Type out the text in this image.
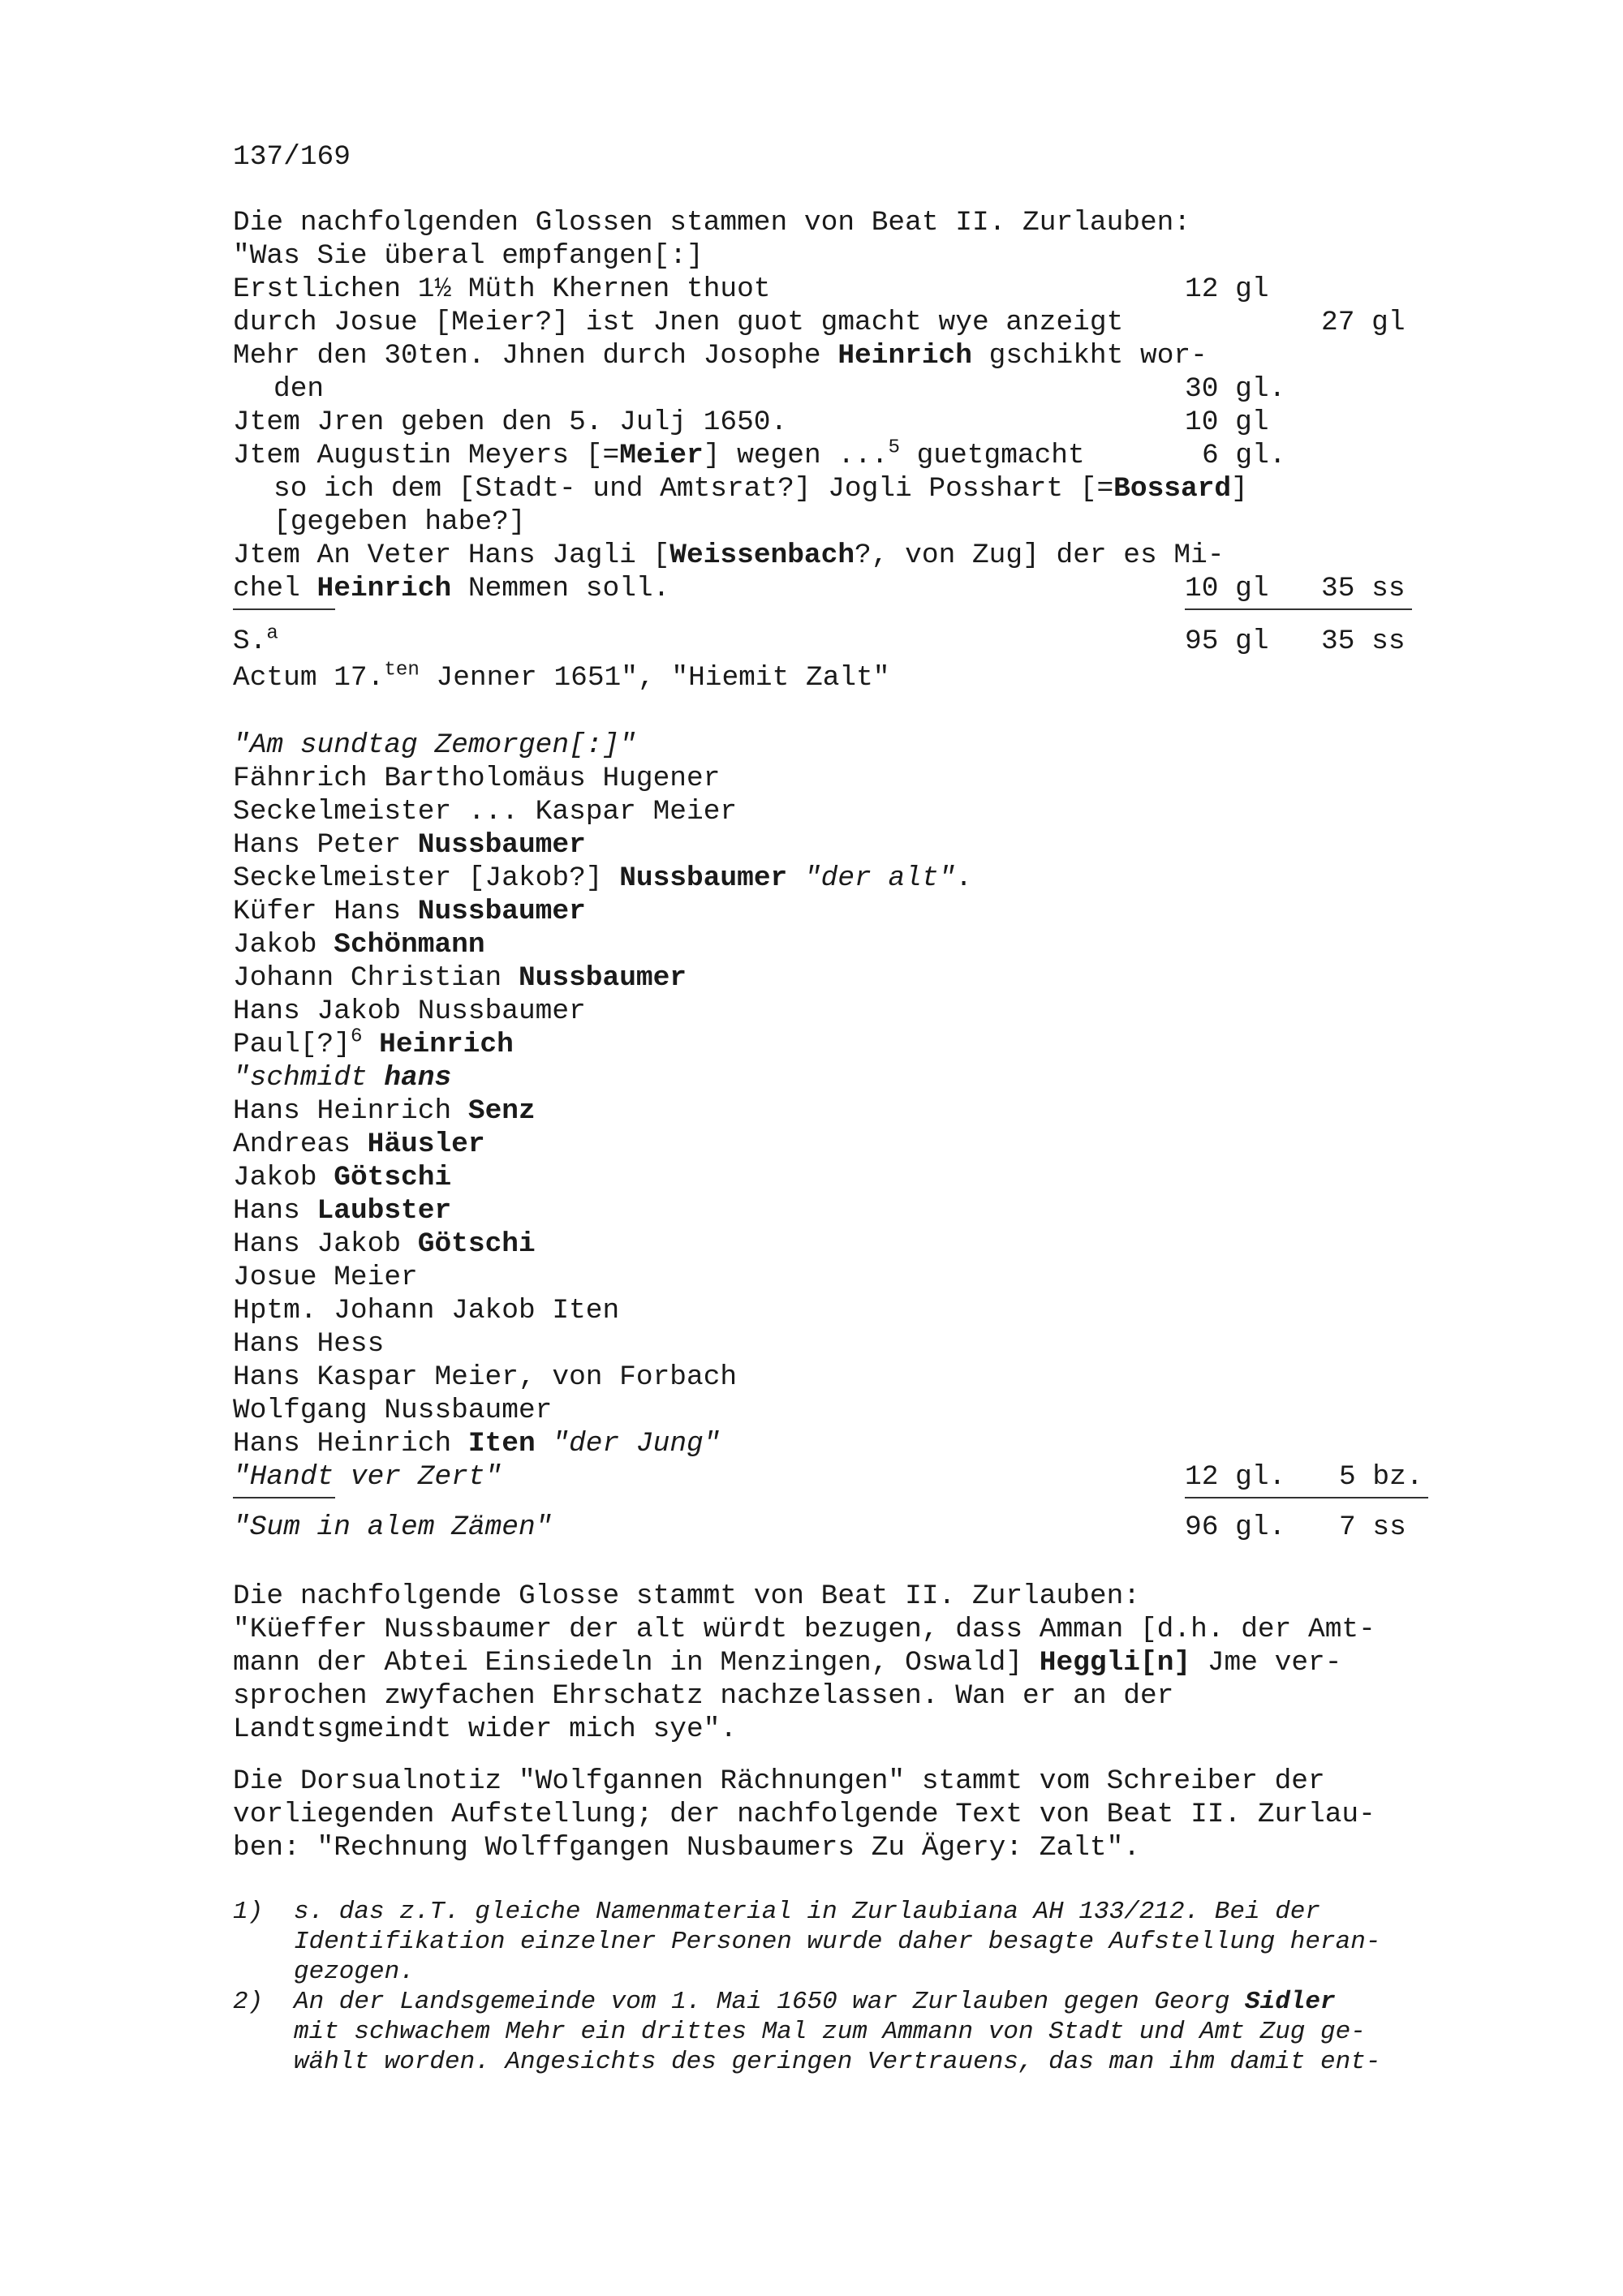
137/169
Die nachfolgenden Glossen stammen von Beat II. Zurlauben:
"Was Sie überal empfangen[:]
Erstlichen 1½ Müth Khernen thuot	12 gl
durch Josue [Meier?] ist Jnen guot gmacht wye anzeigt	27 gl
Mehr den 30ten. Jhnen durch Josophe Heinrich gschikht wor-
den	30 gl.
Jtem Jren geben den 5. Julj 1650.	10 gl
Jtem Augustin Meyers [=Meier] wegen ...$^5$ guetgmacht	6 gl.
so ich dem [Stadt- und Amtsrat?] Jogli Posshart [=Bossard]
[gegeben habe?]
Jtem An Veter Hans Jagli [Weissenbach?, von Zug] der es Mi-
chel Heinrich Nemmen soll.	10 gl 35 ss
S.$^a$	95 gl 35 ss
Actum 17.$^{ten}$ Jenner 1651", "Hiemit Zalt"
"Am sundtag Zemorgen[:]"
Fähnrich Bartholomäus Hugener
Seckelmeister ... Kaspar Meier
Hans Peter Nussbaumer
Seckelmeister [Jakob?] Nussbaumer "der alt".
Küfer Hans Nussbaumer
Jakob Schönmann
Johann Christian Nussbaumer
Hans Jakob Nussbaumer
Paul[?]$^6$ Heinrich
"schmidt hans
Hans Heinrich Senz
Andreas Häusler
Jakob Götschi
Hans Laubster
Hans Jakob Götschi
Josue Meier
Hptm. Johann Jakob Iten
Hans Hess
Hans Kaspar Meier, von Forbach
Wolfgang Nussbaumer
Hans Heinrich Iten "der Jung"
"Handt ver Zert"	12 gl. 5 bz.
"Sum in alem Zämen"	96 gl. 7 ss
Die nachfolgende Glosse stammt von Beat II. Zurlauben:
"Küeffer Nussbaumer der alt würdt bezugen, dass Amman [d.h. der Amt-
mann der Abtei Einsiedeln in Menzingen, Oswald] Heggli[n] Jme ver-
sprochen zwyfachen Ehrschatz nachzelassen. Wan er an der
Landtsgmeindt wider mich sye".
Die Dorsualnotiz "Wolfgannen Rächnungen" stammt vom Schreiber der
vorliegenden Aufstellung; der nachfolgende Text von Beat II. Zurlau-
ben: "Rechnung Wolffgangen Nusbaumers Zu Ägery: Zalt".
1) s. das z.T. gleiche Namenmaterial in Zurlaubiana AH 133/212. Bei der
Identifikation einzelner Personen wurde daher besagte Aufstellung heran-
gezogen.
2) An der Landsgemeinde vom 1. Mai 1650 war Zurlauben gegen Georg Sidler
mit schwachem Mehr ein drittes Mal zum Ammann von Stadt und Amt Zug ge-
wählt worden. Angesichts des geringen Vertrauens, das man ihm damit ent-
